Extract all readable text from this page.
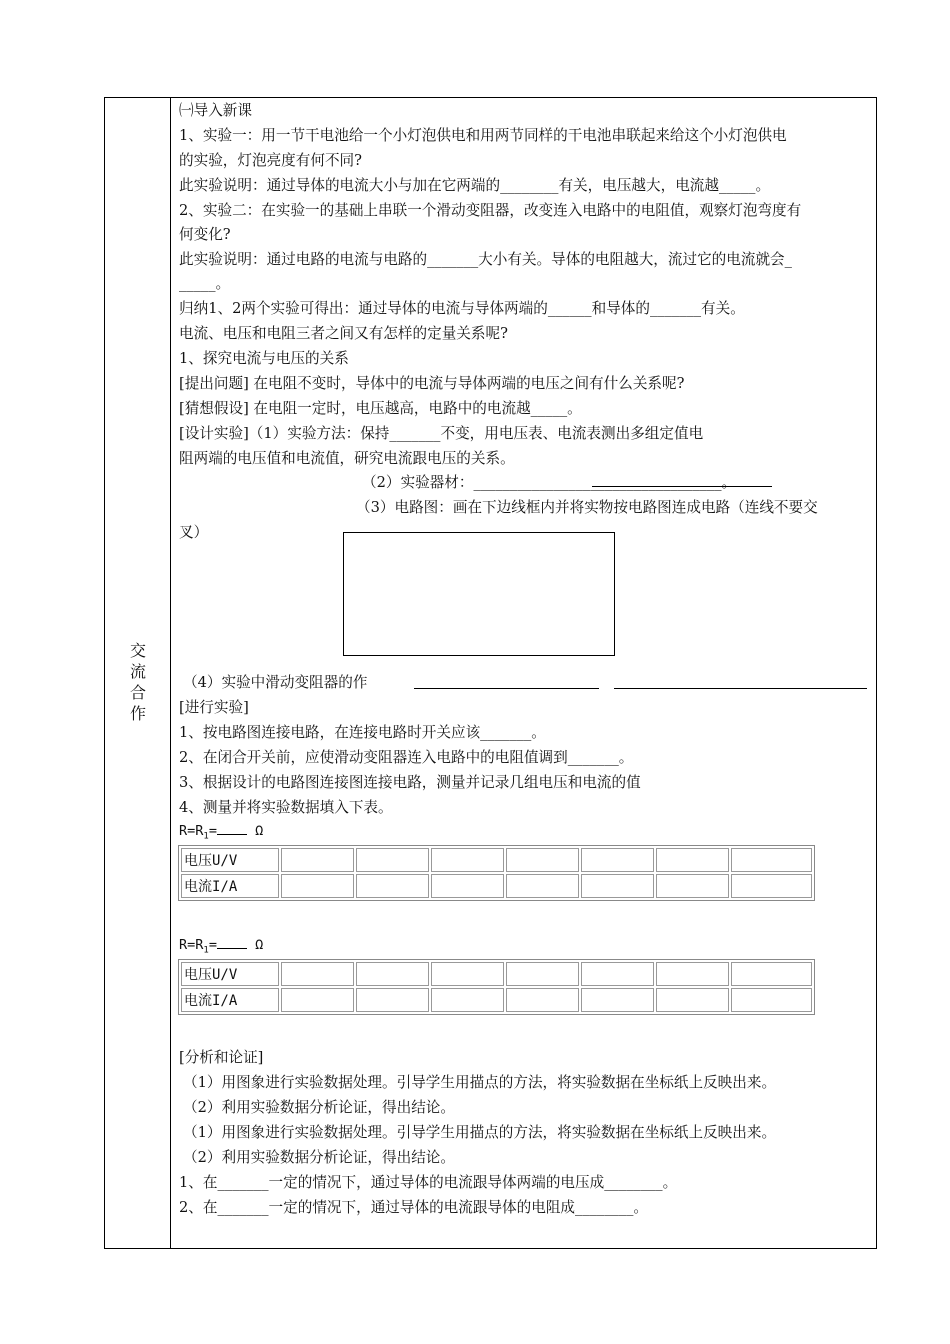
交
流
合
作
㈠导入新课
1、实验一：用一节干电池给一个小灯泡供电和用两节同样的干电池串联起来给这个小灯泡供电
的实验，灯泡亮度有何不同?
此实验说明：通过导体的电流大小与加在它两端的________有关，电压越大，电流越_____。
2、实验二：在实验一的基础上串联一个滑动变阻器，改变连入电路中的电阻值，观察灯泡弯度有
何变化?
此实验说明：通过电路的电流与电路的_______大小有关。导体的电阻越大，流过它的电流就会_
_____。
归纳1、2两个实验可得出：通过导体的电流与导体两端的______和导体的_______有关。
电流、电压和电阻三者之间又有怎样的定量关系呢?
1、探究电流与电压的关系
[提出问题] 在电阻不变时，导体中的电流与导体两端的电压之间有什么关系呢?
[猜想假设] 在电阻一定时，电压越高，电路中的电流越_____。
[设计实验]（1）实验方法：保持_______不变，用电压表、电流表测出多组定值电
阻两端的电压值和电流值，研究电流跟电压的关系。
（2）实验器材：__________________________________。
（3）电路图：画在下边线框内并将实物按电路图连成电路（连线不要交
叉）
（4）实验中滑动变阻器的作
[进行实验]
1、按电路图连接电路，在连接电路时开关应该_______。
2、在闭合开关前，应使滑动变阻器连入电路中的电阻值调到_______。
3、根据设计的电路图连接图连接电路，测量并记录几组电压和电流的值
4、测量并将实验数据填入下表。
[分析和论证]
（1）用图象进行实验数据处理。引导学生用描点的方法，将实验数据在坐标纸上反映出来。
（2）利用实验数据分析论证，得出结论。
（1）用图象进行实验数据处理。引导学生用描点的方法，将实验数据在坐标纸上反映出来。
（2）利用实验数据分析论证，得出结论。
1、在_______一定的情况下，通过导体的电流跟导体两端的电压成________。
2、在_______一定的情况下，通过导体的电流跟导体的电阻成________。
$R=R_1=$	Ω
电压U/V							
电流I/A							
$R=R_1=$	Ω
电压U/V							
电流I/A							
